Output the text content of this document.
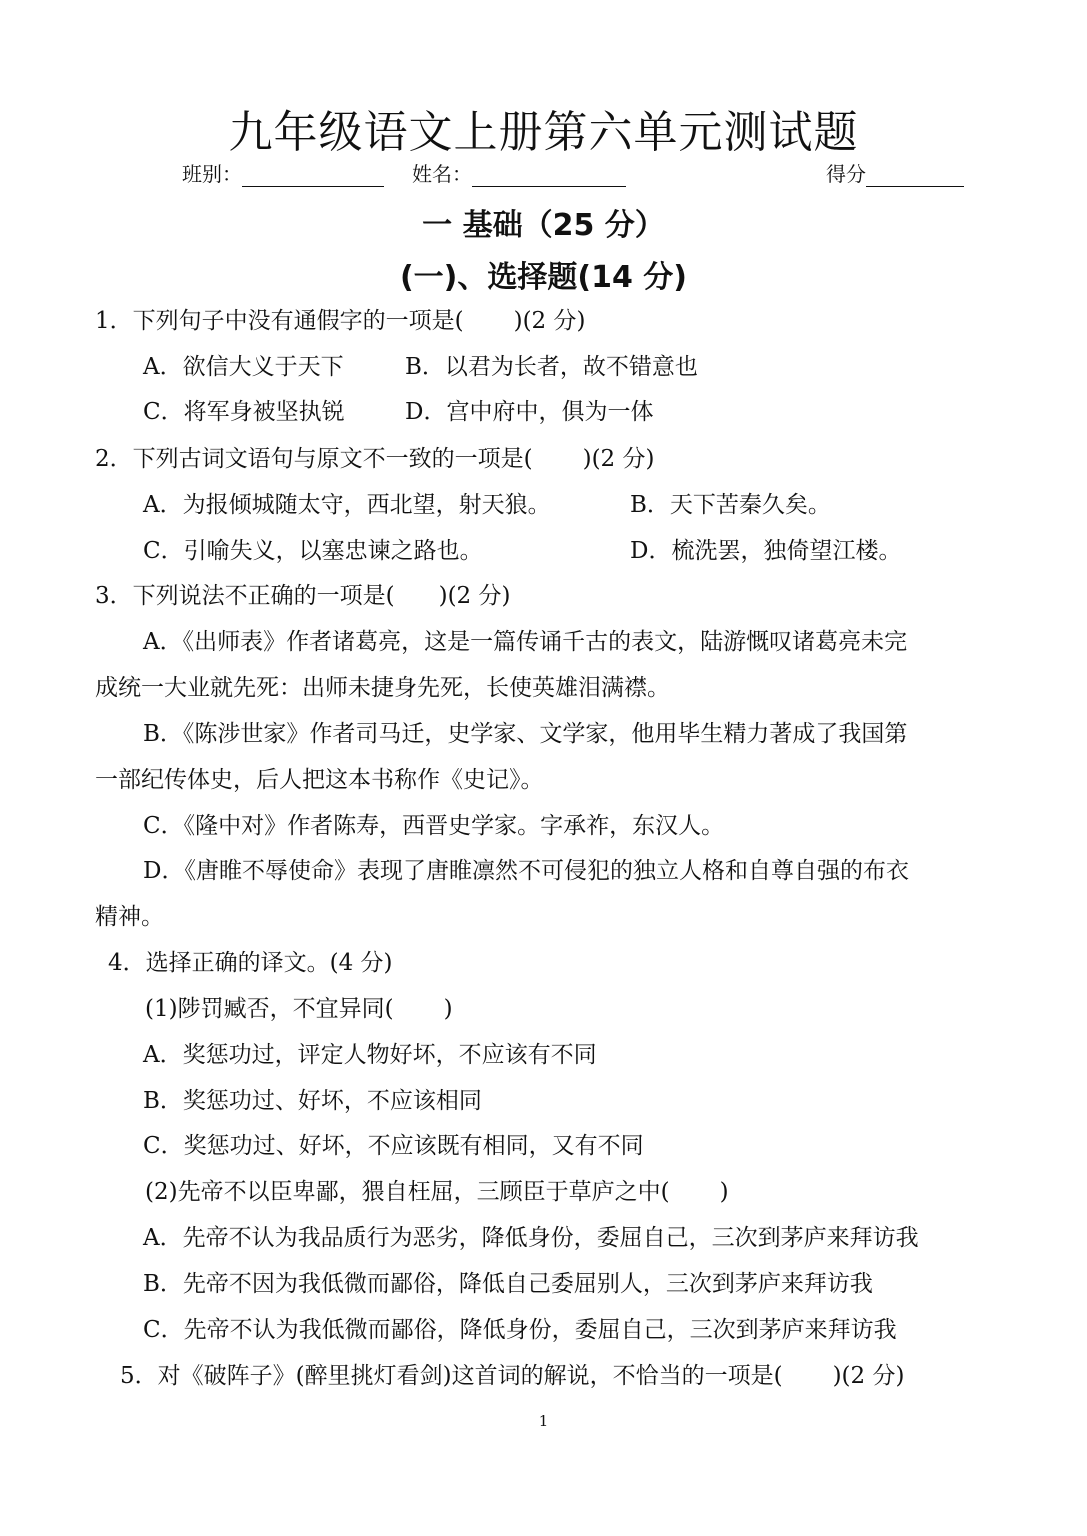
九年级语文上册第六单元测试题
班别：	姓名：	得分
一 基础（25 分）
(一)、选择题(14 分)
1．下列句子中没有通假字的一项是( )(2 分)
A．欲信大义于天下	B．以君为长者，故不错意也
C．将军身被坚执锐	D．宫中府中，俱为一体
2．下列古词文语句与原文不一致的一项是( )(2 分)
A．为报倾城随太守，西北望，射天狼。	B．天下苦秦久矣。
C．引喻失义，以塞忠谏之路也。	D．梳洗罢，独倚望江楼。
3．下列说法不正确的一项是( )(2 分)
A．《出师表》作者诸葛亮，这是一篇传诵千古的表文，陆游慨叹诸葛亮未完
成统一大业就先死：出师未捷身先死，长使英雄泪满襟。
B．《陈涉世家》作者司马迁，史学家、文学家，他用毕生精力著成了我国第
一部纪传体史，后人把这本书称作《史记》。
C．《隆中对》作者陈寿，西晋史学家。字承祚，东汉人。
D．《唐睢不辱使命》表现了唐睢凛然不可侵犯的独立人格和自尊自强的布衣
精神。
4．选择正确的译文。(4 分)
(1)陟罚臧否，不宜异同( )
A．奖惩功过，评定人物好坏，不应该有不同
B．奖惩功过、好坏，不应该相同
C．奖惩功过、好坏，不应该既有相同，又有不同
(2)先帝不以臣卑鄙，猥自枉屈，三顾臣于草庐之中( )
A．先帝不认为我品质行为恶劣，降低身份，委屈自己，三次到茅庐来拜访我
B．先帝不因为我低微而鄙俗，降低自己委屈别人，三次到茅庐来拜访我
C．先帝不认为我低微而鄙俗，降低身份，委屈自己，三次到茅庐来拜访我
5．对《破阵子》(醉里挑灯看剑)这首词的解说，不恰当的一项是( )(2 分)
1
